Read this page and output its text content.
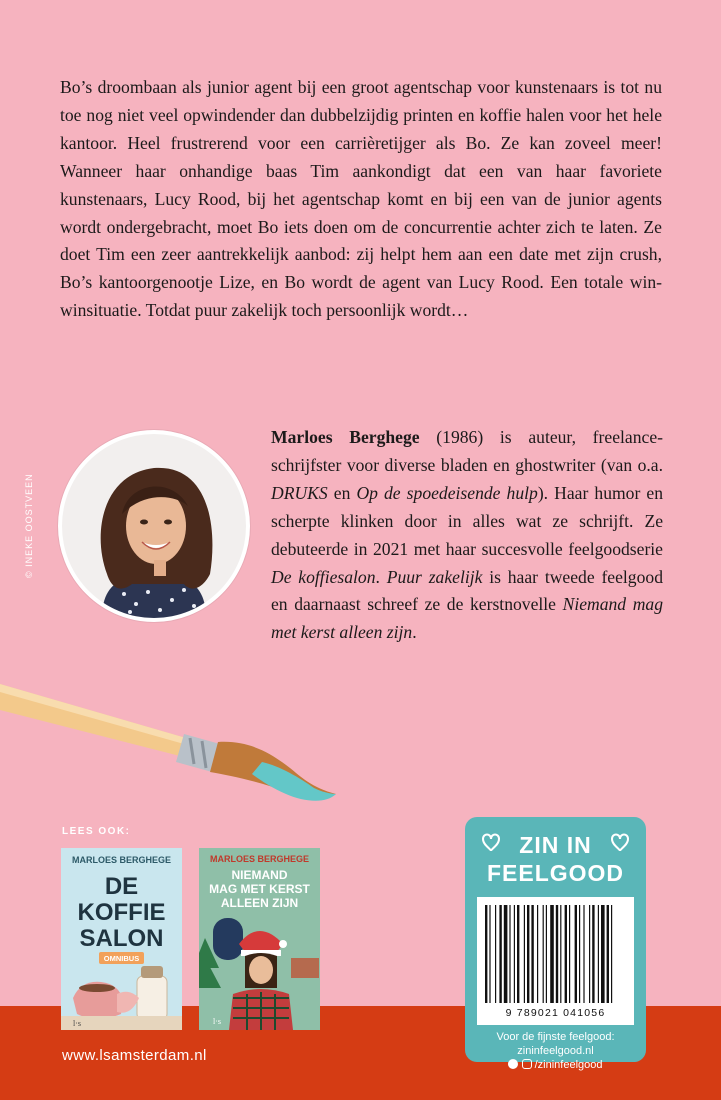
Bo’s droombaan als junior agent bij een groot agentschap voor kunstenaars is tot nu toe nog niet veel opwindender dan dubbelzijdig printen en koffie halen voor het hele kantoor. Heel frustrerend voor een carrièretijger als Bo. Ze kan zoveel meer! Wanneer haar onhandige baas Tim aankondigt dat een van haar favoriete kunstenaars, Lucy Rood, bij het agentschap komt en bij een van de junior agents wordt ondergebracht, moet Bo iets doen om de concurrentie achter zich te laten. Ze doet Tim een zeer aantrekkelijk aanbod: zij helpt hem aan een date met zijn crush, Bo’s kantoorgenootje Lize, en Bo wordt de agent van Lucy Rood. Een totale win-winsituatie. Totdat puur zakelijk toch persoonlijk wordt…

© INEKE OOSTVEEN

Marloes Berghege (1986) is auteur, freelance-schrijfster voor diverse bladen en ghostwriter (van o.a. DRUKS en Op de spoedeisende hulp). Haar humor en scherpte klinken door in alles wat ze schrijft. Ze debuteerde in 2021 met haar succesvolle feelgoodserie De koffiesalon. Puur zakelijk is haar tweede feelgood en daarnaast schreef ze de kerstnovelle Niemand mag met kerst alleen zijn.

LEES OOK:
MARLOES BERGHEGE
DE
KOFFIE
SALON
OMNIBUS
l·s
MARLOES BERGHEGE
NIEMAND
MAG MET KERST
ALLEEN ZIJN
l·s
www.lsamsterdam.nl
ZIN IN
FEELGOOD
9 789021 041056
Voor de fijnste feelgood:
zininfeelgood.nl
/zininfeelgood
